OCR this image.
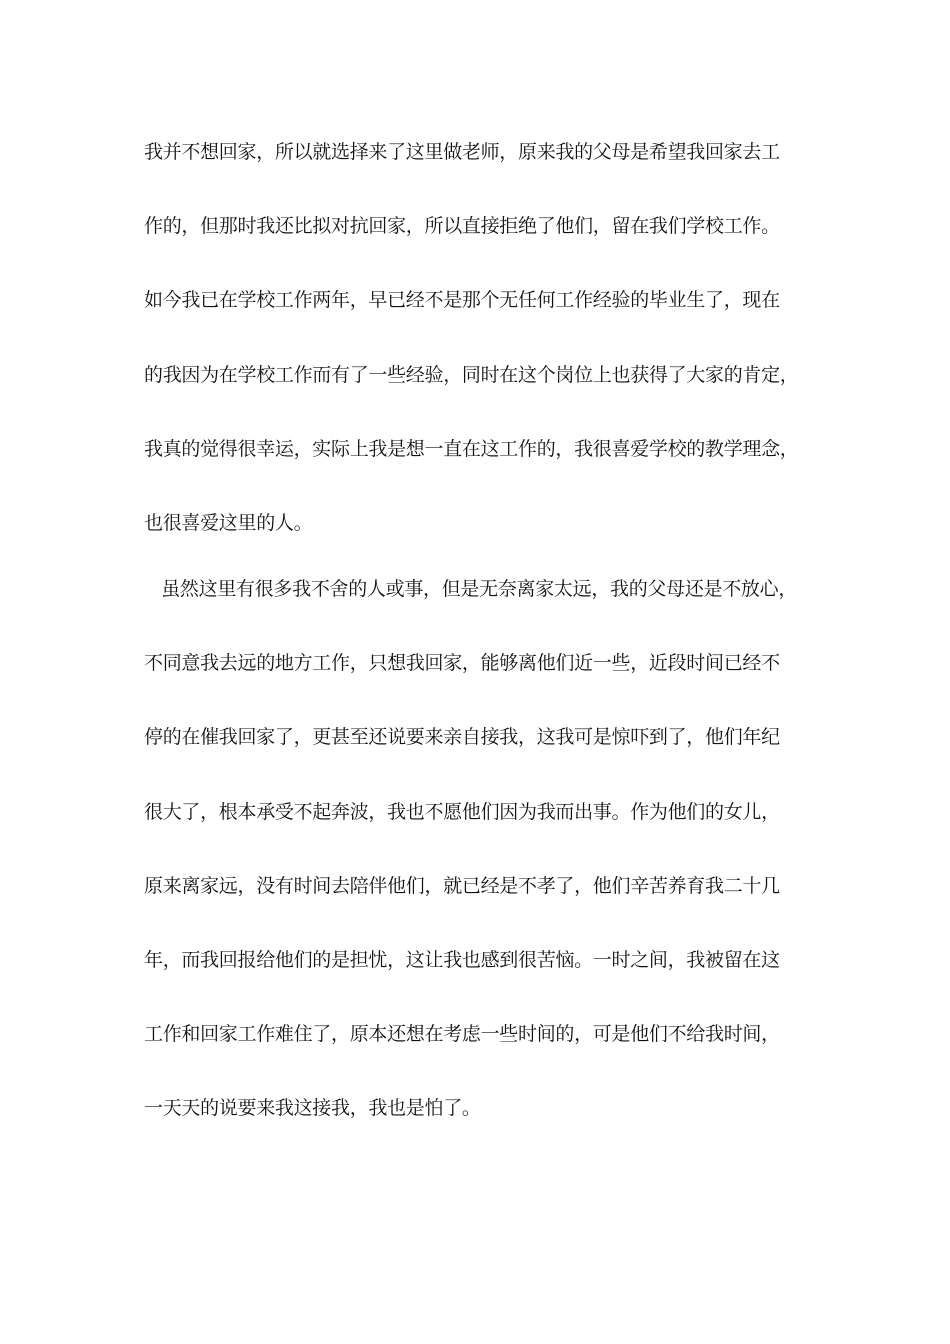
我并不想回家，所以就选择来了这里做老师，原来我的父母是希望我回家去工
作的，但那时我还比拟对抗回家，所以直接拒绝了他们，留在我们学校工作。
如今我已在学校工作两年，早已经不是那个无任何工作经验的毕业生了，现在
的我因为在学校工作而有了一些经验，同时在这个岗位上也获得了大家的肯定，
我真的觉得很幸运，实际上我是想一直在这工作的，我很喜爱学校的教学理念，
也很喜爱这里的人。
虽然这里有很多我不舍的人或事，但是无奈离家太远，我的父母还是不放心，
不同意我去远的地方工作，只想我回家，能够离他们近一些，近段时间已经不
停的在催我回家了，更甚至还说要来亲自接我，这我可是惊吓到了，他们年纪
很大了，根本承受不起奔波，我也不愿他们因为我而出事。作为他们的女儿，
原来离家远，没有时间去陪伴他们，就已经是不孝了，他们辛苦养育我二十几
年，而我回报给他们的是担忧，这让我也感到很苦恼。一时之间，我被留在这
工作和回家工作难住了，原本还想在考虑一些时间的，可是他们不给我时间，
一天天的说要来我这接我，我也是怕了。
